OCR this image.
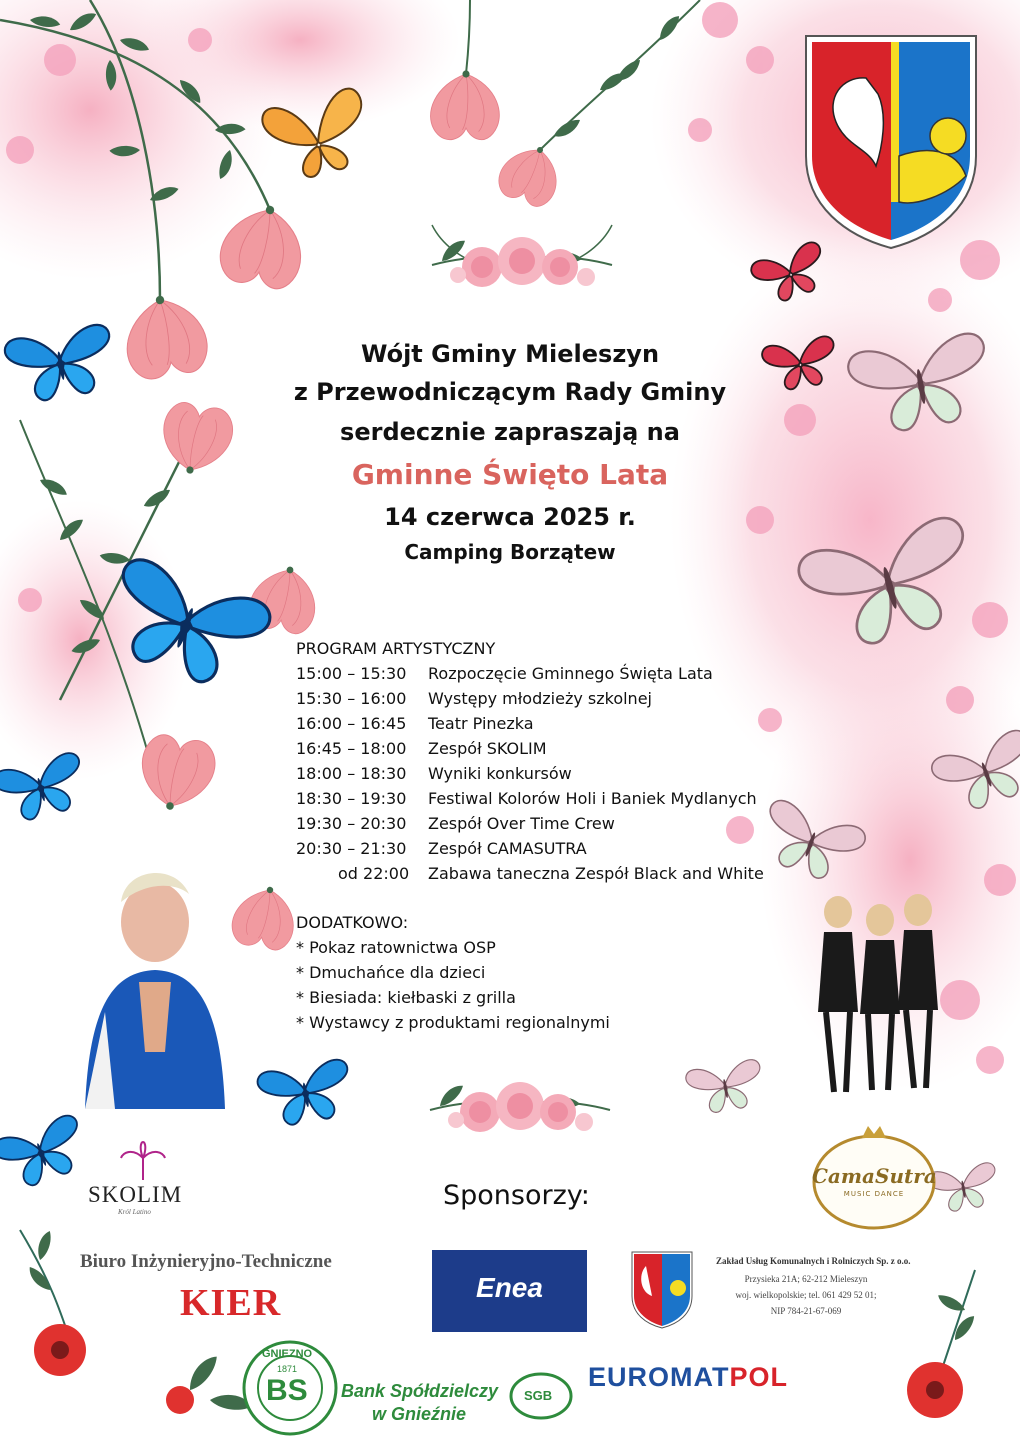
Wójt Gminy Mieleszyn
z Przewodniczącym Rady Gminy
serdecznie zapraszają na
Gminne Święto Lata
14 czerwca 2025 r.
Camping Borzątew
PROGRAM ARTYSTYCZNY
15:00 – 15:30	Rozpoczęcie Gminnego Święta Lata
15:30 – 16:00	Występy młodzieży szkolnej
16:00 – 16:45	Teatr Pinezka
16:45 – 18:00	Zespół SKOLIM
18:00 – 18:30	Wyniki konkursów
18:30 – 19:30	Festiwal Kolorów Holi i Baniek Mydlanych
19:30 – 20:30	Zespół Over Time Crew
20:30 – 21:30	Zespół CAMASUTRA
od 22:00	Zabawa taneczna Zespół Black and White
DODATKOWO:
* Pokaz ratownictwa OSP
* Dmuchańce dla dzieci
* Biesiada: kiełbaski z grilla
* Wystawcy z produktami regionalnymi
Sponsorzy:
SKOLIM
Król Latino
CamaSutra
MUSIC DANCE
Biuro Inżynieryjno-Techniczne
KIER	Enea
Zakład Usług Komunalnych i Rolniczych Sp. z o.o.
Przysieka 21A; 62-212 Mieleszyn
woj. wielkopolskie; tel. 061 429 52 01;
NIP 784-21-67-069
GNIEZNO
1871
BS Bank Spółdzielczy
w Gnieźnie
SGB
EUROMATPOL
